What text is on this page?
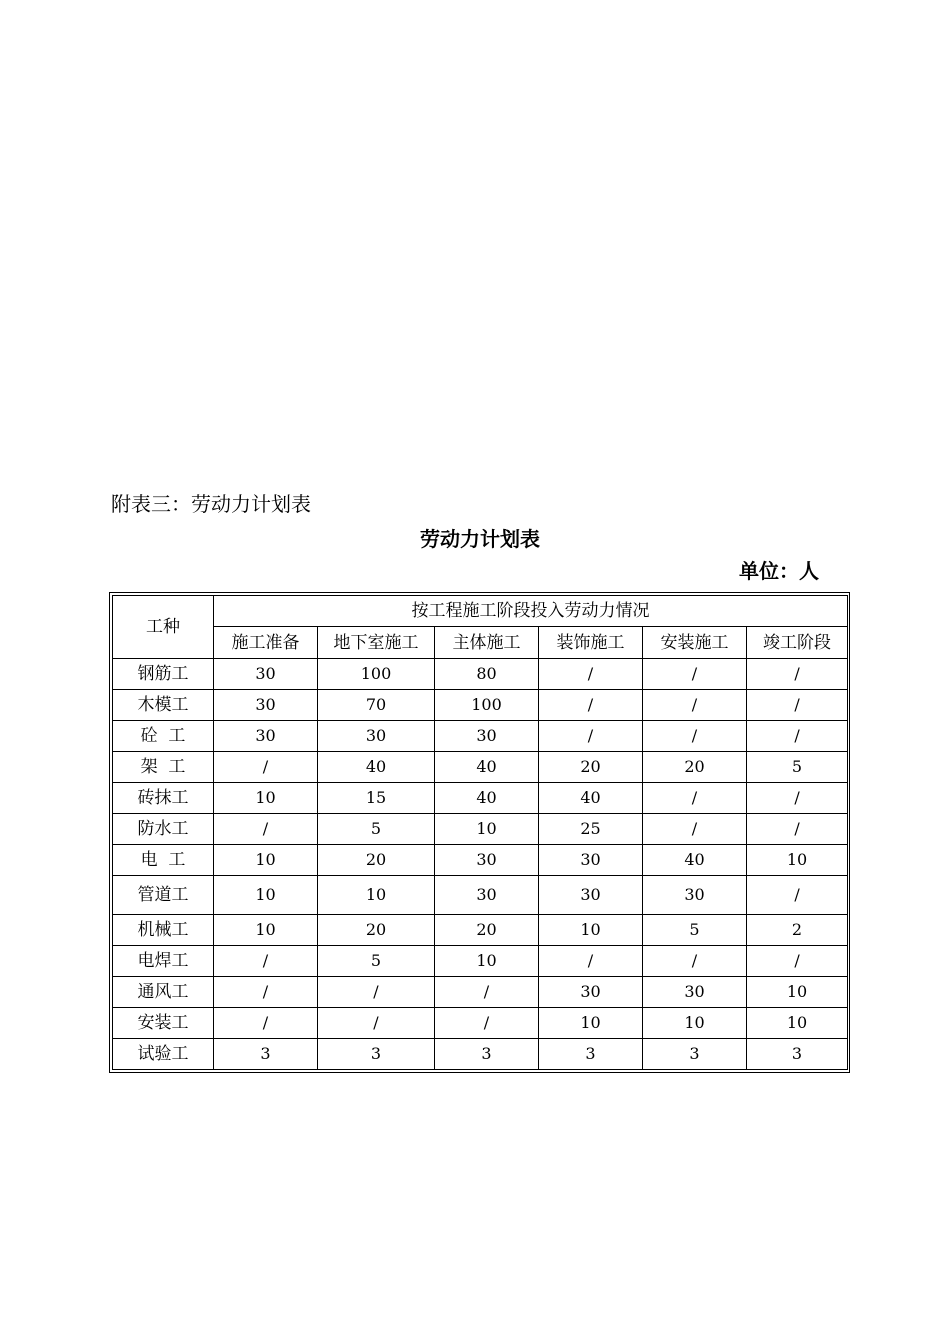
附表三：劳动力计划表
劳动力计划表
单位：人
工种	按工程施工阶段投入劳动力情况					
	施工准备	地下室施工	主体施工	装饰施工	安装施工	竣工阶段
钢筋工	30	100	80	/	/	/
木模工	30	70	100	/	/	/
砼  工	30	30	30	/	/	/
架  工	/	40	40	20	20	5
砖抹工	10	15	40	40	/	/
防水工	/	5	10	25	/	/
电  工	10	20	30	30	40	10
管道工	10	10	30	30	30	/
机械工	10	20	20	10	5	2
电焊工	/	5	10	/	/	/
通风工	/	/	/	30	30	10
安装工	/	/	/	10	10	10
试验工	3	3	3	3	3	3
